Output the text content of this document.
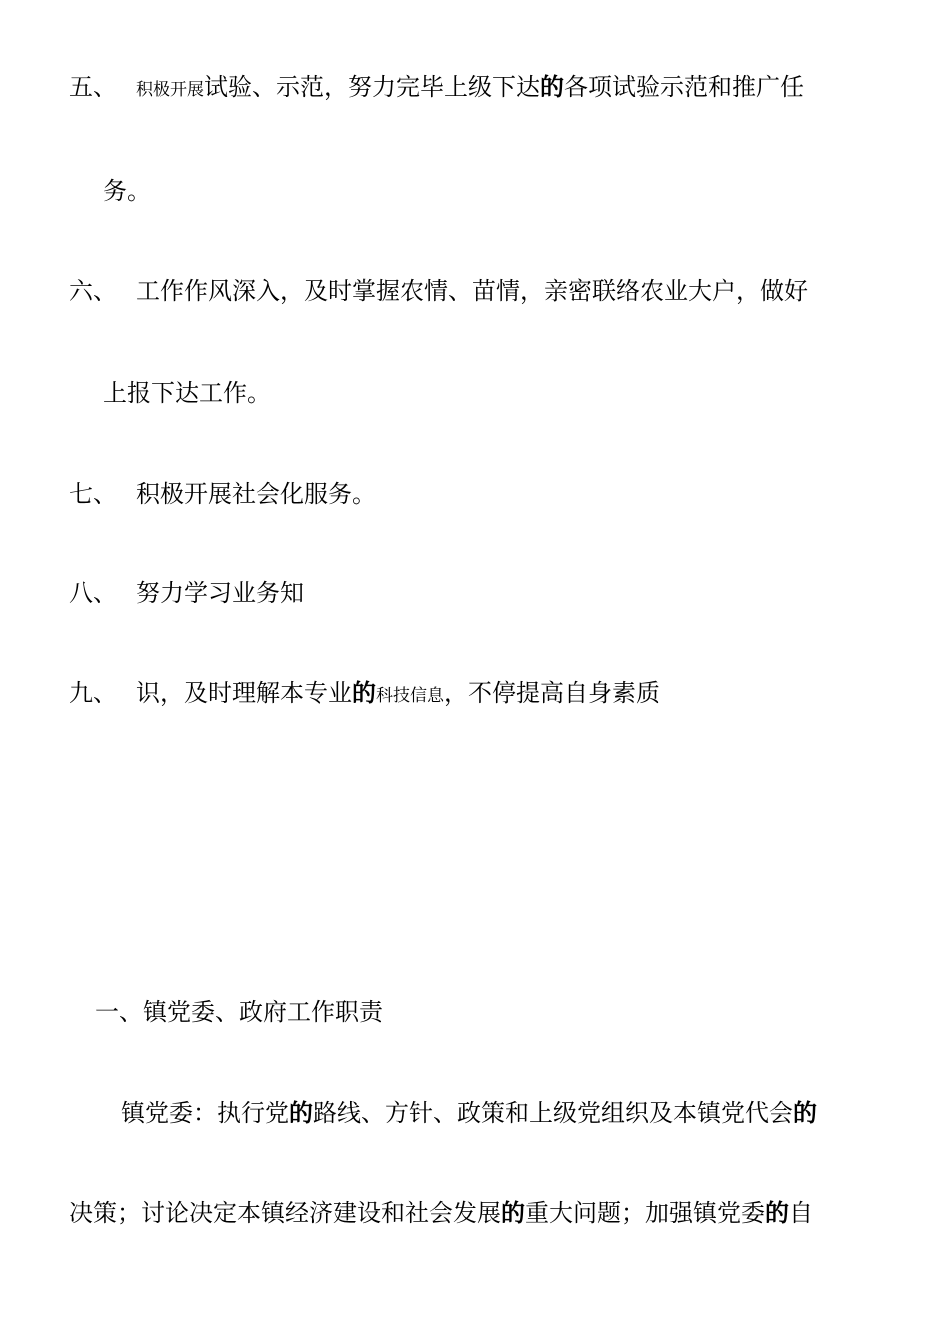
五、 积极开展试验、示范，努力完毕上级下达的各项试验示范和推广任
务。
六、 工作作风深入，及时掌握农情、苗情，亲密联络农业大户，做好
上报下达工作。
七、 积极开展社会化服务。
八、 努力学习业务知
九、 识，及时理解本专业的科技信息，不停提高自身素质
一、镇党委、政府工作职责
镇党委：执行党的路线、方针、政策和上级党组织及本镇党代会的
决策；讨论决定本镇经济建设和社会发展的重大问题；加强镇党委的自
